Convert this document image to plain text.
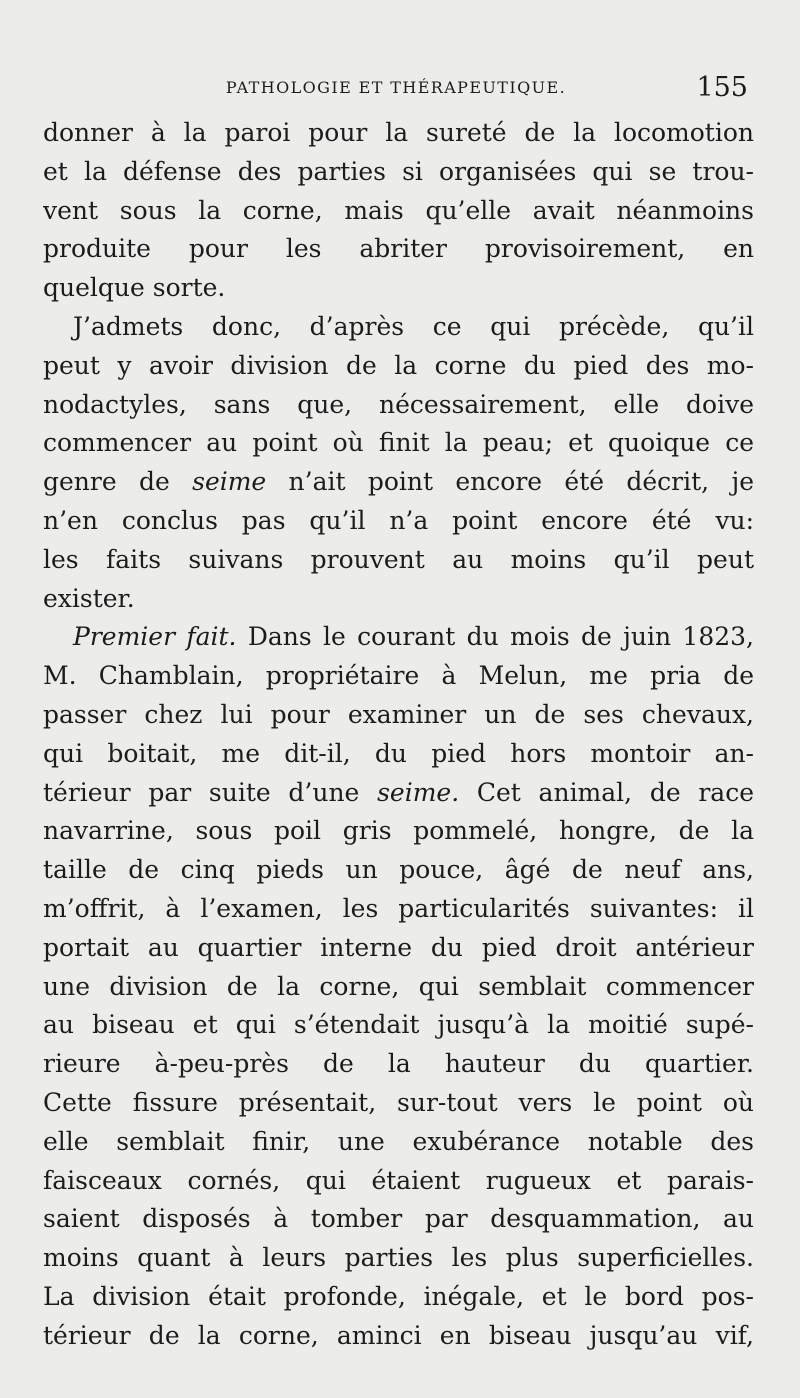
PATHOLOGIE ET THÉRAPEUTIQUE.	155
donner à la paroi pour la sureté de la locomotion
et la défense des parties si organisées qui se trou-
vent sous la corne, mais qu’elle avait néanmoins
produite pour les abriter provisoirement, en
quelque sorte.
J’admets donc, d’après ce qui précède, qu’il
peut y avoir division de la corne du pied des mo-
nodactyles, sans que, nécessairement, elle doive
commencer au point où finit la peau; et quoique ce
genre de seime n’ait point encore été décrit, je
n’en conclus pas qu’il n’a point encore été vu:
les faits suivans prouvent au moins qu’il peut
exister.
Premier fait. Dans le courant du mois de juin 1823,
M. Chamblain, propriétaire à Melun, me pria de
passer chez lui pour examiner un de ses chevaux,
qui boitait, me dit-il, du pied hors montoir an-
térieur par suite d’une seime. Cet animal, de race
navarrine, sous poil gris pommelé, hongre, de la
taille de cinq pieds un pouce, âgé de neuf ans,
m’offrit, à l’examen, les particularités suivantes: il
portait au quartier interne du pied droit antérieur
une division de la corne, qui semblait commencer
au biseau et qui s’étendait jusqu’à la moitié supé-
rieure à-peu-près de la hauteur du quartier.
Cette fissure présentait, sur-tout vers le point où
elle semblait finir, une exubérance notable des
faisceaux cornés, qui étaient rugueux et parais-
saient disposés à tomber par desquammation, au
moins quant à leurs parties les plus superficielles.
La division était profonde, inégale, et le bord pos-
térieur de la corne, aminci en biseau jusqu’au vif,
